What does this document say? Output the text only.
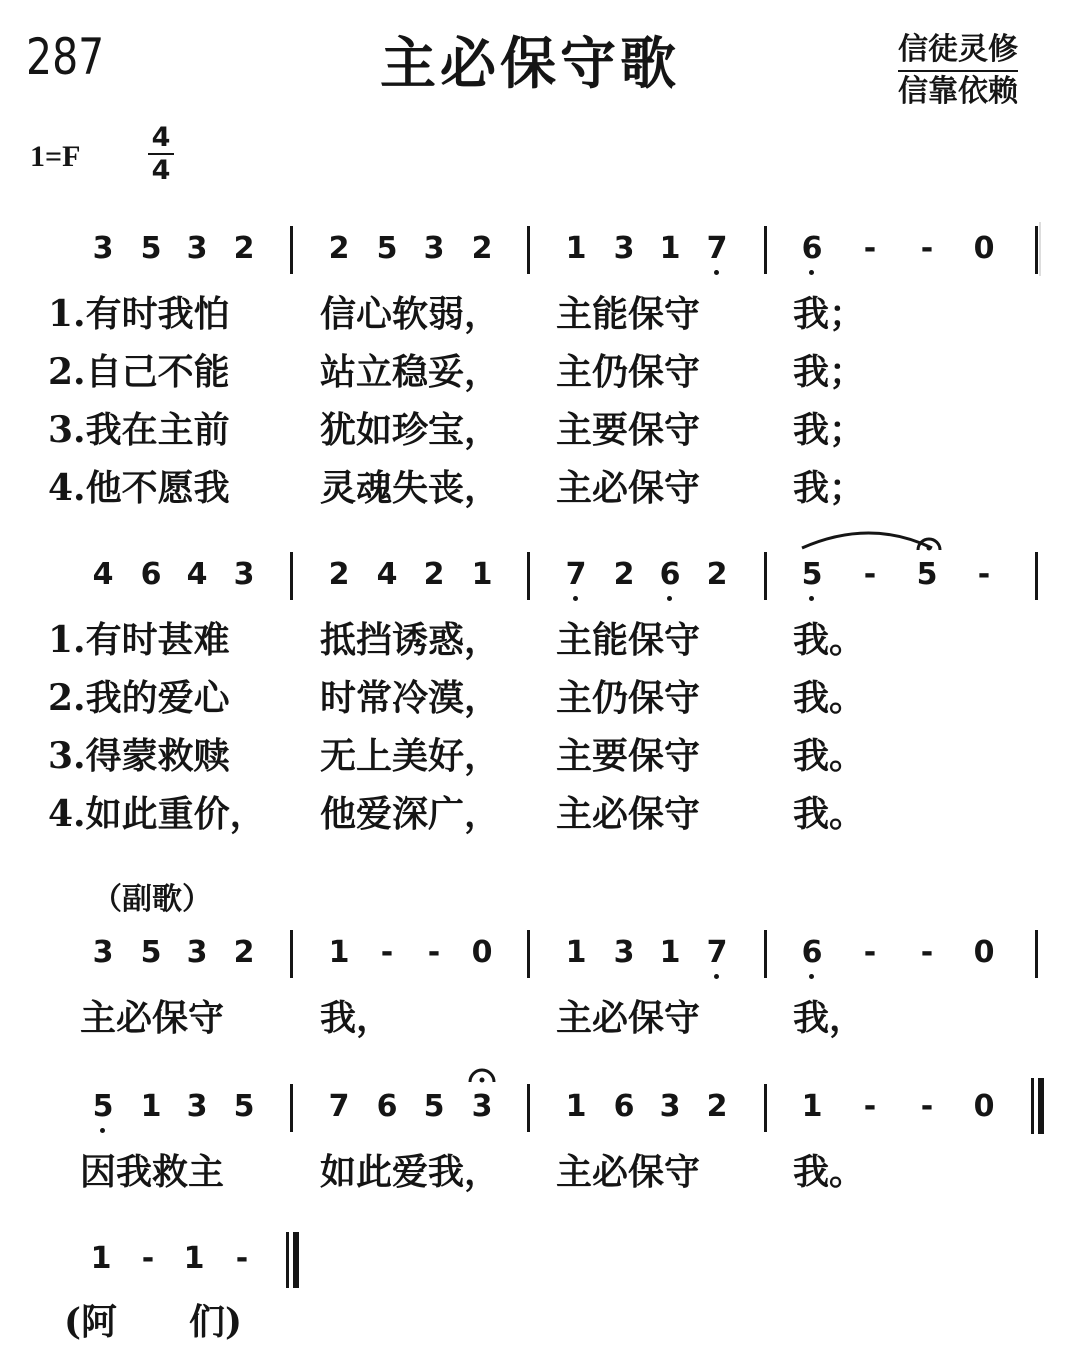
287	主必保守歌	信徒灵修
信靠依赖
1=F
4
4
3 5 3 2 2 5 3 2 1 3 1 7 6 - - 0
1.有时我怕	信心软弱， 主能保守	我；
2.自己不能	站立稳妥， 主仍保守	我；
3.我在主前	犹如珍宝， 主要保守	我；
4.他不愿我	灵魂失丧， 主必保守	我；
4 6 4 3 2 4 2 1 7 2 6 2 5 - 5 -
1.有时甚难	抵挡诱惑， 主能保守	我。
2.我的爱心	时常冷漠， 主仍保守	我。
3.得蒙救赎	无上美好， 主要保守	我。
4.如此重价， 他爱深广， 主必保守	我。
（副歌）
3 5 3 2 1 - - 0 1 3 1 7 6 - - 0
主必保守	我，	主必保守	我，
5 1 3 5 7 6 5 3 1 6 3 2 1 - - 0
因我救主	如此爱我， 主必保守	我。
1 - 1 -
(阿　　们)
